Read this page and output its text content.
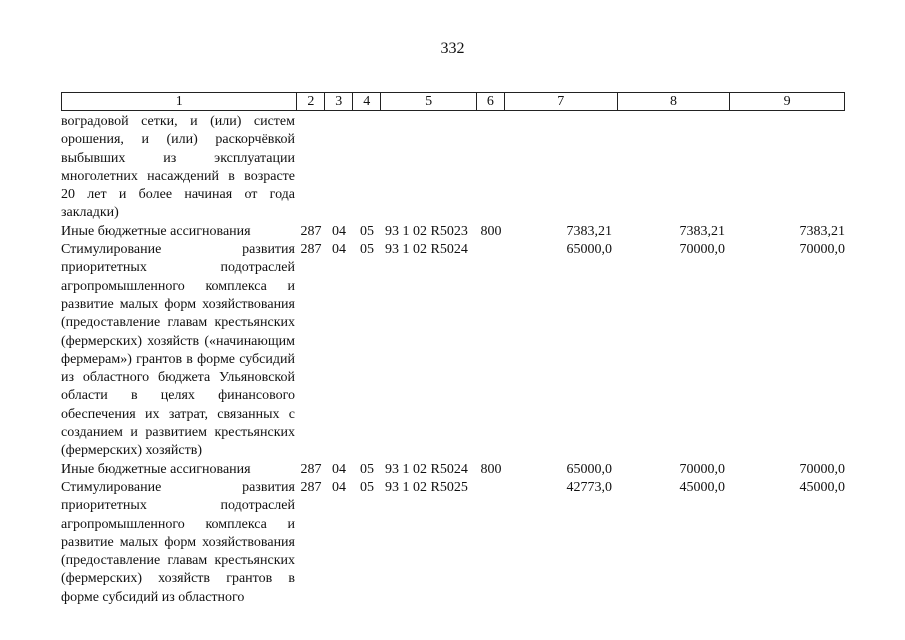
332
1	2	3	4	5	6	7	8	9
воградовой сетки, и (или) систем орошения, и (или) раскорчёвкой выбывших из эксплуатации многолетних насаждений в возрасте 20 лет и более начиная от года закладки)
Иные бюджетные ассигнования	287 04	05 93 1 02 R5023 800	7383,21	7383,21	7383,21
Стимулирование развития приоритетных подотраслей агропромышленного комплекса и развитие малых форм хозяйствования (предоставление главам крестьянских (фермерских) хозяйств («начинающим фермерам») грантов в форме субсидий из областного бюджета Ульяновской области в целях финансового обеспечения их затрат, связанных с созданием и развитием крестьянских (фермерских) хозяйств)
287 04	05 93 1 02 R5024	65000,0	70000,0	70000,0
Иные бюджетные ассигнования	287 04	05 93 1 02 R5024 800	65000,0	70000,0	70000,0
Стимулирование развития приоритетных подотраслей агропромышленного комплекса и развитие малых форм хозяйствования (предоставление главам крестьянских (фермерских) хозяйств грантов в форме субсидий из областного
287 04	05 93 1 02 R5025	42773,0	45000,0	45000,0
